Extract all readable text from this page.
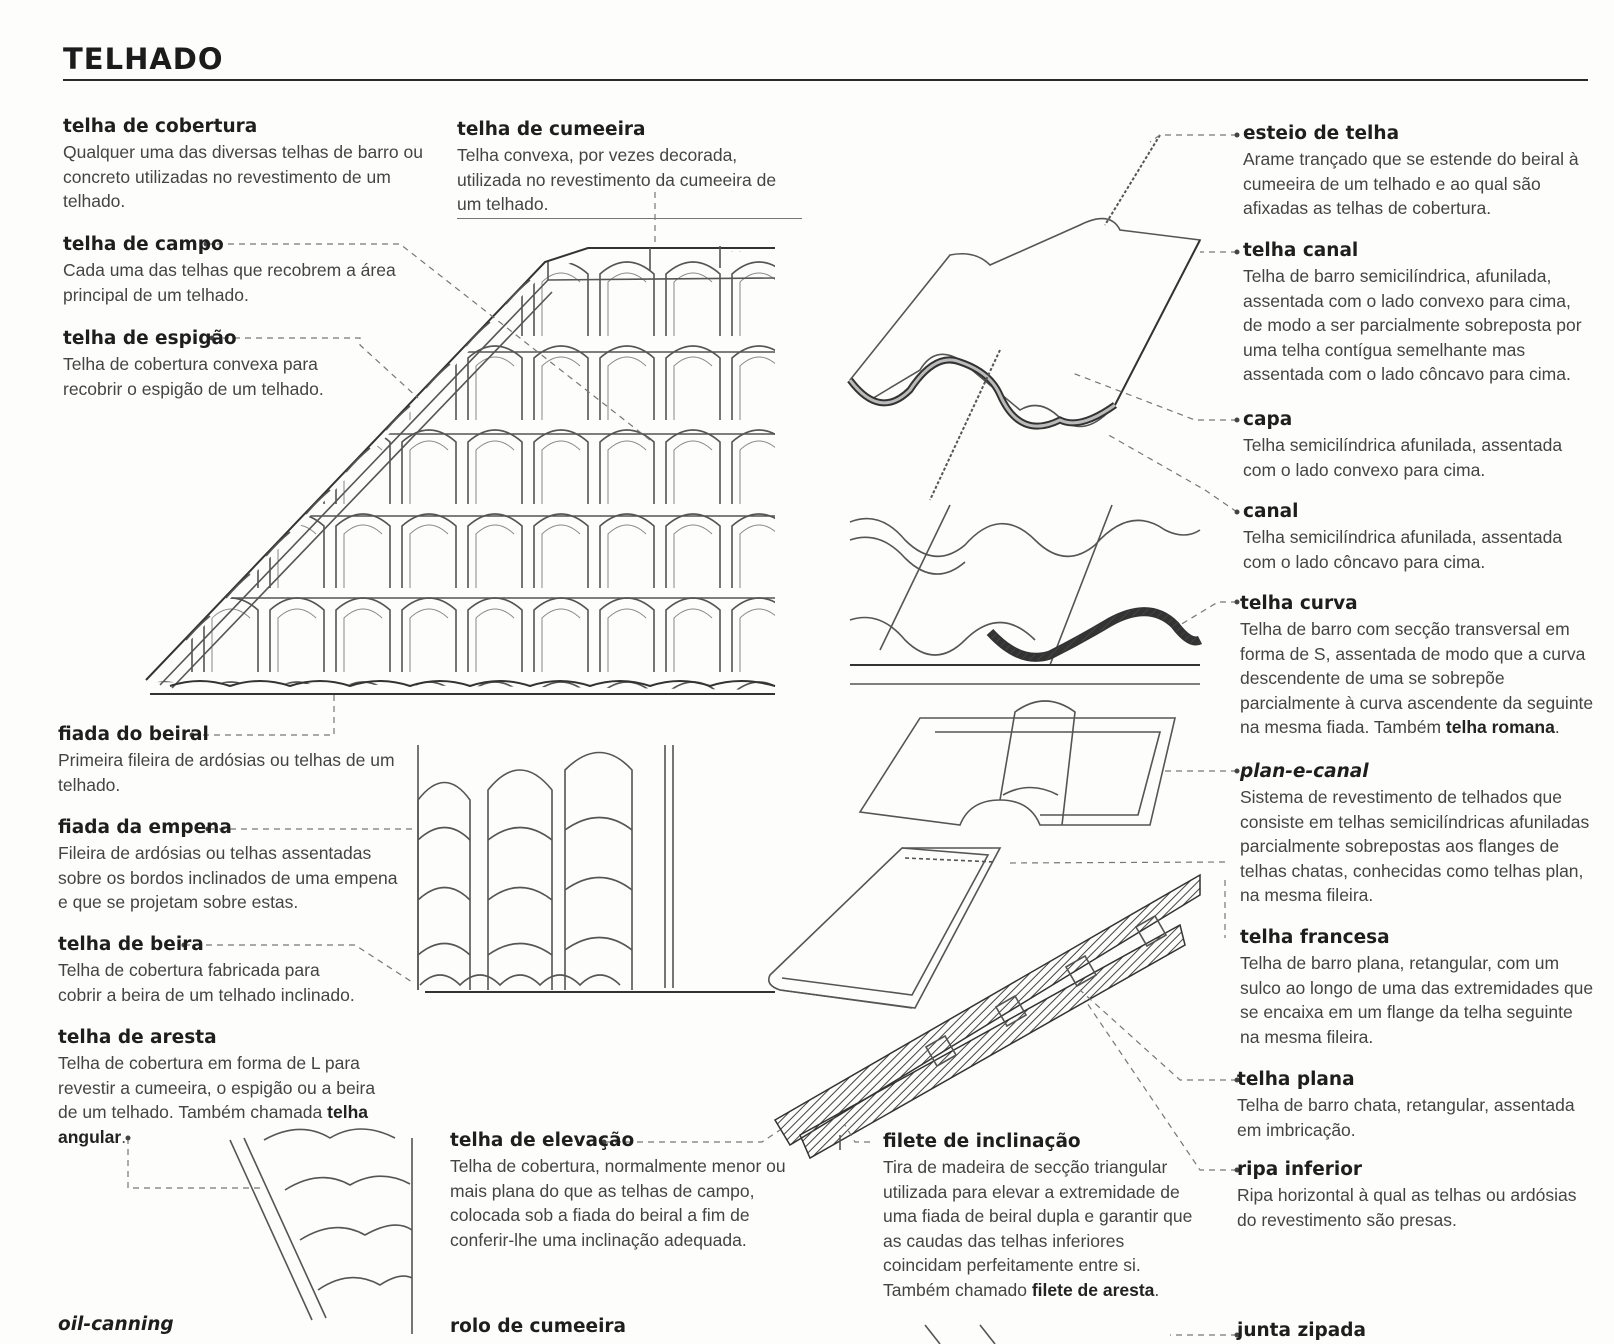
TELHADO
telha de cobertura
Qualquer uma das diversas telhas de barro ou concreto utilizadas no revestimento de um telhado.
telha de campo
Cada uma das telhas que recobrem a área principal de um telhado.
telha de espigão
Telha de cobertura convexa para recobrir o espigão de um telhado.
fiada do beiral
Primeira fileira de ardósias ou telhas de um telhado.
fiada da empena
Fileira de ardósias ou telhas assentadas sobre os bordos inclinados de uma empena e que se projetam sobre estas.
telha de beira
Telha de cobertura fabricada para cobrir a beira de um telhado inclinado.
telha de aresta
Telha de cobertura em forma de L para revestir a cumeeira, o espigão ou a beira de um telhado. Também chamada telha angular.
oil-canning
telha de cumeeira
Telha convexa, por vezes decorada, utilizada no revestimento da cumeeira de um telhado.
telha de elevação
Telha de cobertura, normalmente menor ou mais plana do que as telhas de campo, colocada sob a fiada do beiral a fim de conferir-lhe uma inclinação adequada.
rolo de cumeeira
filete de inclinação
Tira de madeira de secção triangular utilizada para elevar a extremidade de uma fiada de beiral dupla e garantir que as caudas das telhas inferiores coincidam perfeitamente entre si. Também chamado filete de aresta.
esteio de telha
Arame trançado que se estende do beiral à cumeeira de um telhado e ao qual são afixadas as telhas de cobertura.
telha canal
Telha de barro semicilíndrica, afunilada, assentada com o lado convexo para cima, de modo a ser parcialmente sobreposta por uma telha contígua semelhante mas assentada com o lado côncavo para cima.
capa
Telha semicilíndrica afunilada, assentada com o lado convexo para cima.
canal
Telha semicilíndrica afunilada, assentada com o lado côncavo para cima.
telha curva
Telha de barro com secção transversal em forma de S, assentada de modo que a curva descendente de uma se sobrepõe parcialmente à curva ascendente da seguinte na mesma fiada. Também telha romana.
plan-e-canal
Sistema de revestimento de telhados que consiste em telhas semicilíndricas afuniladas parcialmente sobrepostas aos flanges de telhas chatas, conhecidas como telhas plan, na mesma fileira.
telha francesa
Telha de barro plana, retangular, com um sulco ao longo de uma das extremidades que se encaixa em um flange da telha seguinte na mesma fileira.
telha plana
Telha de barro chata, retangular, assentada em imbricação.
ripa inferior
Ripa horizontal à qual as telhas ou ardósias do revestimento são presas.
junta zipada
